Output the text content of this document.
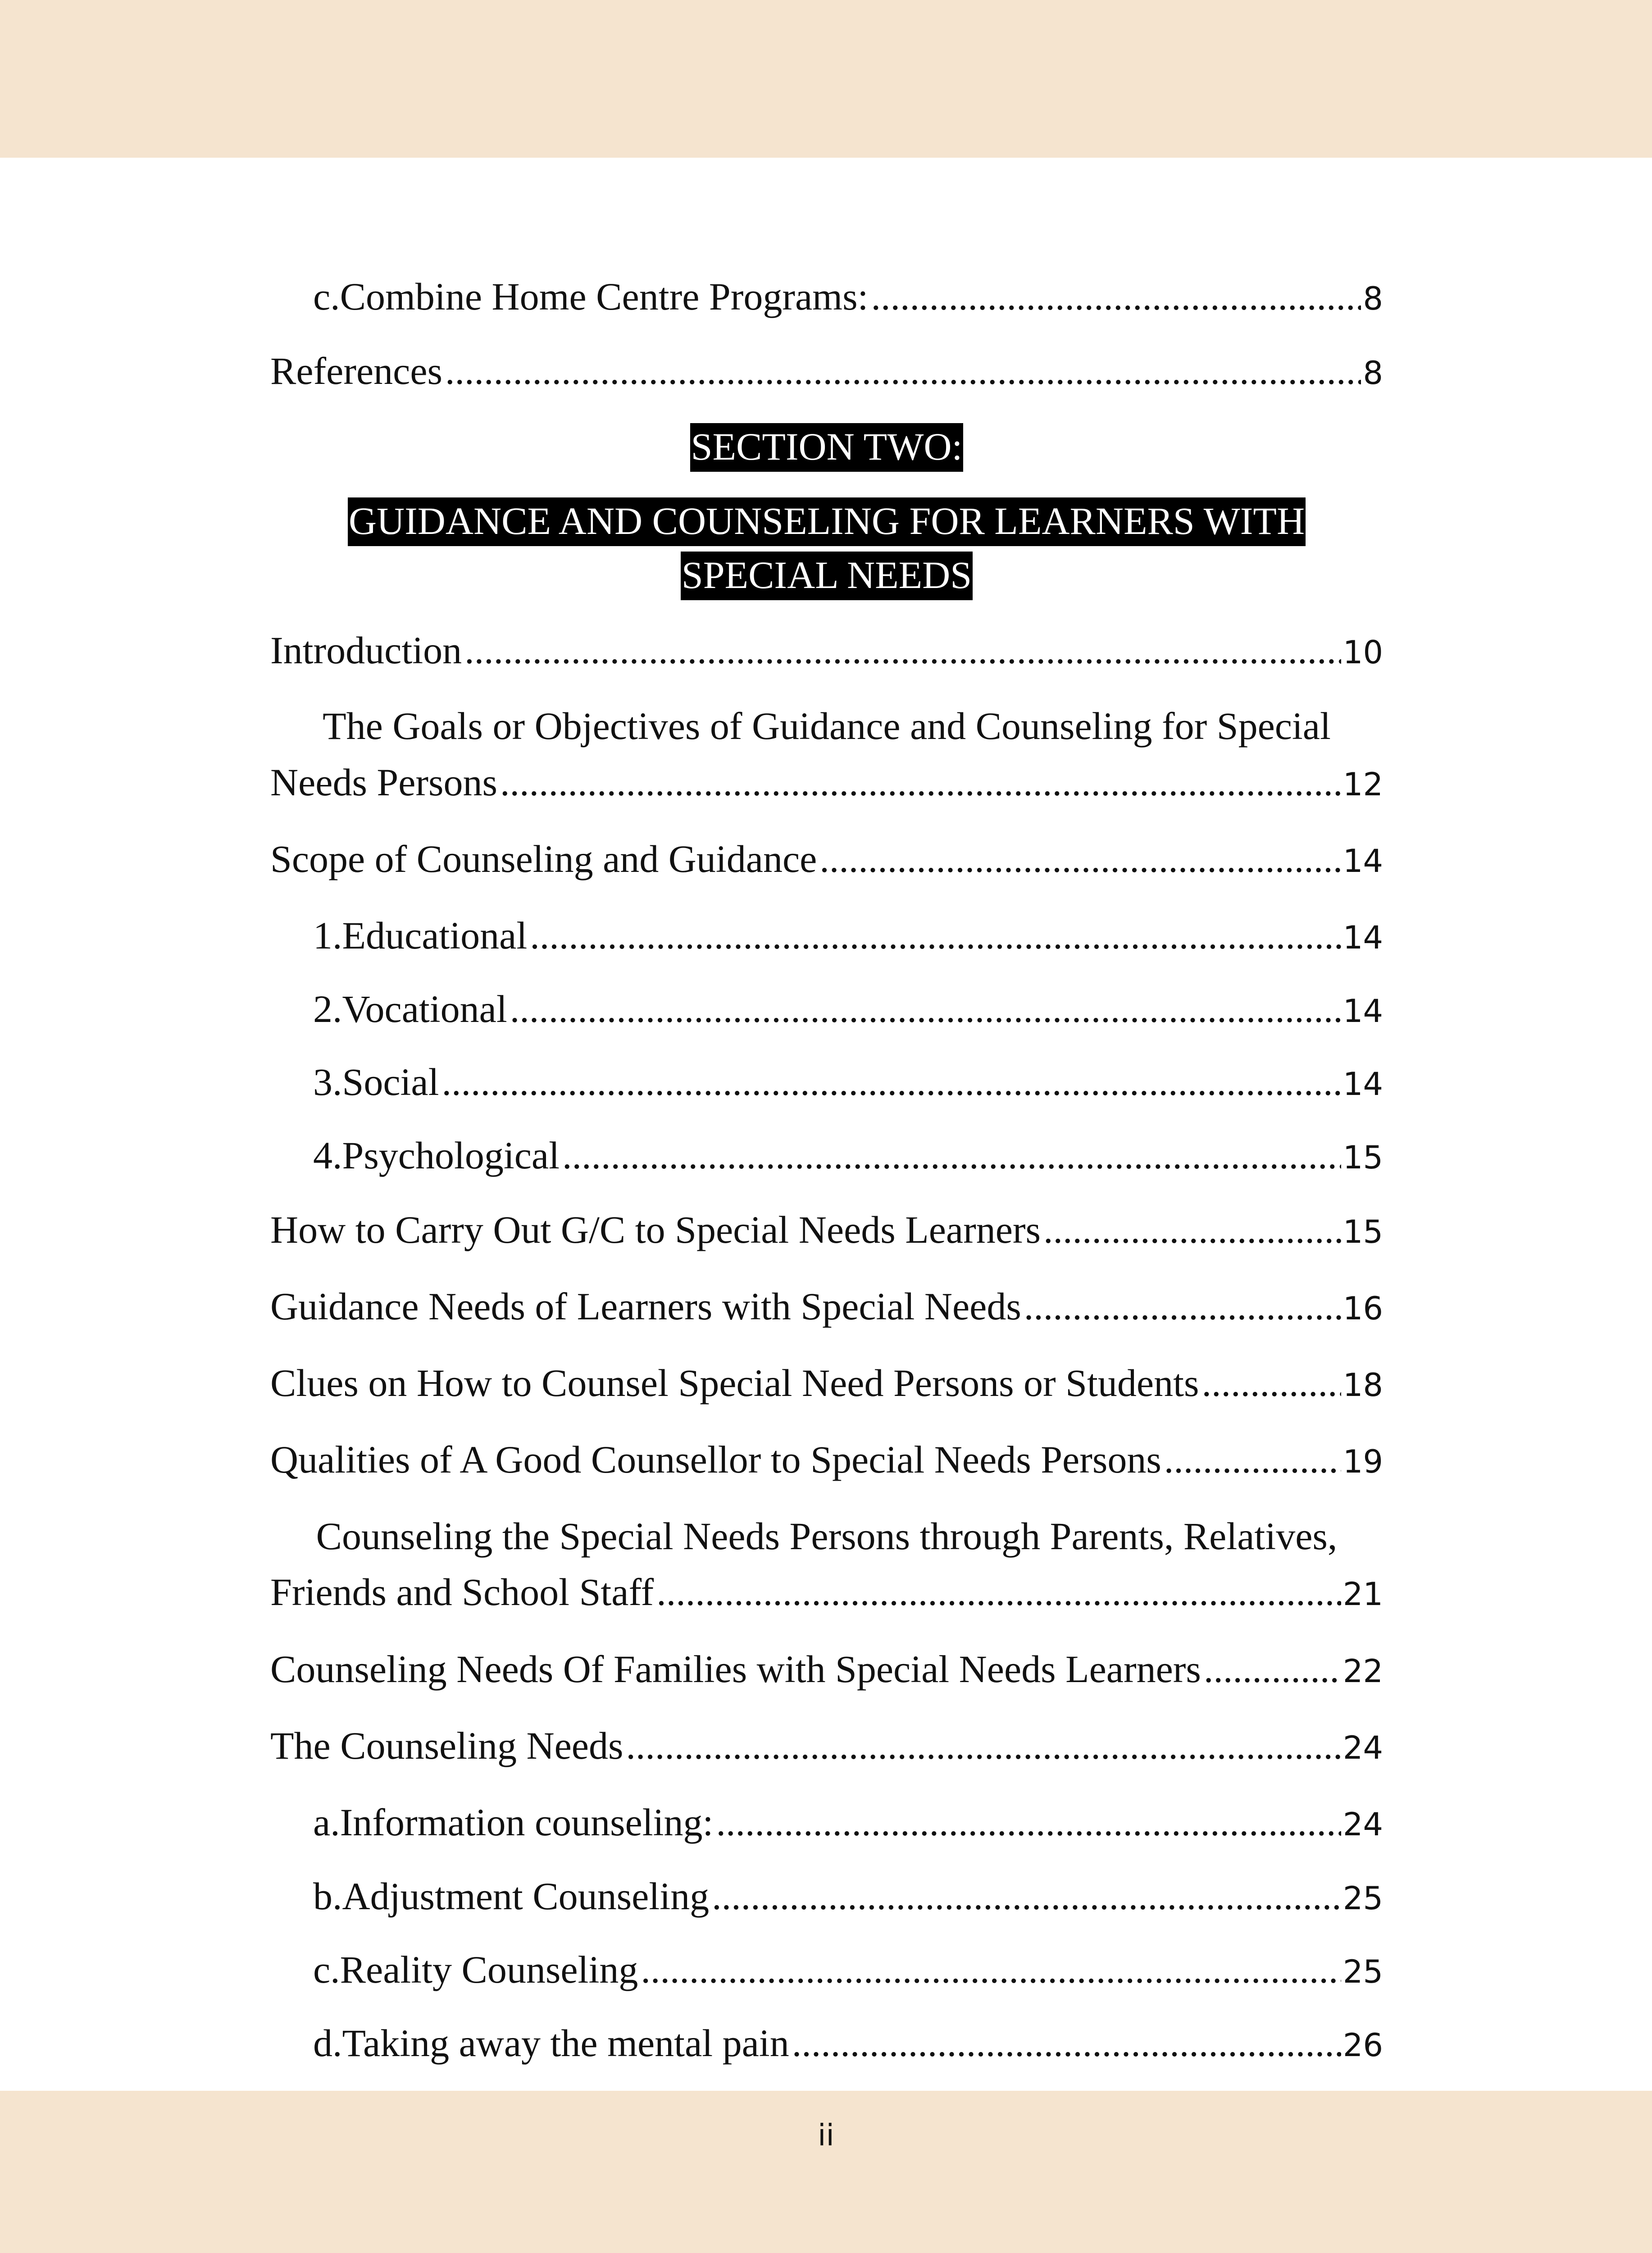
c. Combine Home Centre Programs: .....	8
References .....	8
SECTION TWO:
GUIDANCE AND COUNSELING FOR LEARNERS WITH
SPECIAL NEEDS
Introduction .....	10
The Goals or Objectives of Guidance and Counseling for Special
Needs Persons .....	12
Scope of Counseling and Guidance .....	14
1. Educational .....	14
2. Vocational .....	14
3. Social .....	14
4. Psychological .....	15
How to Carry Out G/C to Special Needs Learners .....	15
Guidance Needs of Learners with Special Needs .....	16
Clues on How to Counsel Special Need Persons or Students .....	18
Qualities of A Good Counsellor to Special Needs Persons .....	19
Counseling the Special Needs Persons through Parents, Relatives,
Friends and School Staff .....	21
Counseling Needs Of Families with Special Needs Learners .....	22
The Counseling Needs .....	24
a. Information counseling: .....	24
b. Adjustment Counseling .....	25
c. Reality Counseling .....	25
d. Taking away the mental pain .....	26
ii
